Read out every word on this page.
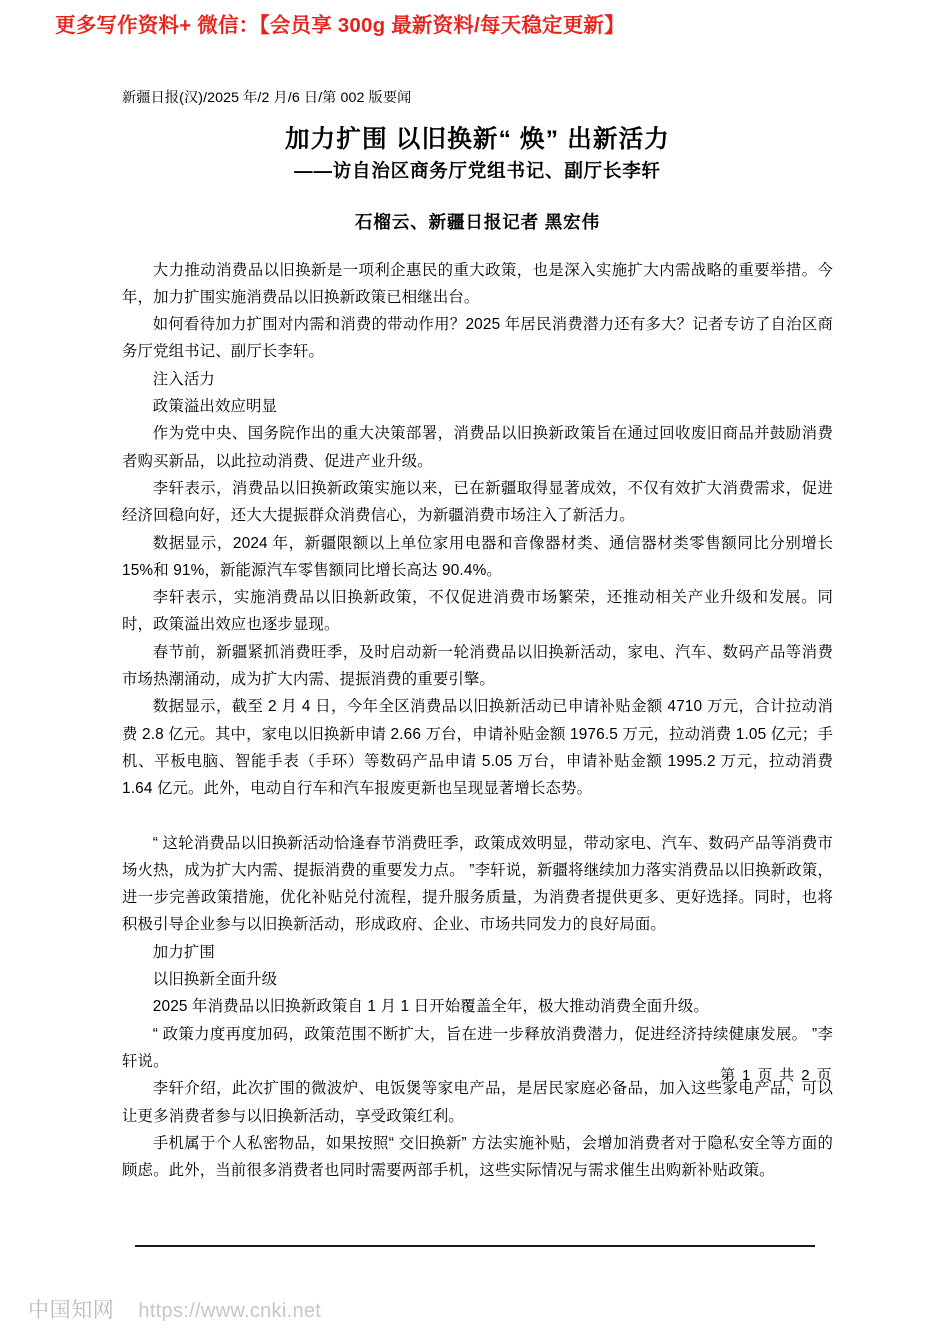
更多写作资料+ 微信：【会员享 300g 最新资料/每天稳定更新】
新疆日报(汉)/2025 年/2 月/6 日/第 002 版要闻
加力扩围 以旧换新“ 焕” 出新活力
——访自治区商务厅党组书记、副厅长李轩
石榴云、新疆日报记者 黑宏伟

大力推动消费品以旧换新是一项利企惠民的重大政策，也是深入实施扩大内需战略的重要举措。今年，加力扩围实施消费品以旧换新政策已相继出台。

如何看待加力扩围对内需和消费的带动作用？2025 年居民消费潜力还有多大？记者专访了自治区商务厅党组书记、副厅长李轩。

注入活力

政策溢出效应明显

作为党中央、国务院作出的重大决策部署，消费品以旧换新政策旨在通过回收废旧商品并鼓励消费者购买新品，以此拉动消费、促进产业升级。

李轩表示，消费品以旧换新政策实施以来，已在新疆取得显著成效，不仅有效扩大消费需求，促进经济回稳向好，还大大提振群众消费信心，为新疆消费市场注入了新活力。

数据显示，2024 年，新疆限额以上单位家用电器和音像器材类、通信器材类零售额同比分别增长 15%和 91%，新能源汽车零售额同比增长高达 90.4%。

李轩表示，实施消费品以旧换新政策，不仅促进消费市场繁荣，还推动相关产业升级和发展。同时，政策溢出效应也逐步显现。

春节前，新疆紧抓消费旺季，及时启动新一轮消费品以旧换新活动，家电、汽车、数码产品等消费市场热潮涌动，成为扩大内需、提振消费的重要引擎。

数据显示，截至 2 月 4 日，今年全区消费品以旧换新活动已申请补贴金额 4710 万元，合计拉动消费 2.8 亿元。其中，家电以旧换新申请 2.66 万台，申请补贴金额 1976.5 万元，拉动消费 1.05 亿元；手机、平板电脑、智能手表（手环）等数码产品申请 5.05 万台，申请补贴金额 1995.2 万元，拉动消费 1.64 亿元。此外，电动自行车和汽车报废更新也呈现显著增长态势。

“ 这轮消费品以旧换新活动恰逢春节消费旺季，政策成效明显，带动家电、汽车、数码产品等消费市场火热，成为扩大内需、提振消费的重要发力点。 ”李轩说，新疆将继续加力落实消费品以旧换新政策，进一步完善政策措施，优化补贴兑付流程，提升服务质量，为消费者提供更多、更好选择。同时，也将积极引导企业参与以旧换新活动，形成政府、企业、市场共同发力的良好局面。

加力扩围

以旧换新全面升级

2025 年消费品以旧换新政策自 1 月 1 日开始覆盖全年，极大推动消费全面升级。

“ 政策力度再度加码，政策范围不断扩大，旨在进一步释放消费潜力，促进经济持续健康发展。 ”李轩说。

李轩介绍，此次扩围的微波炉、电饭煲等家电产品，是居民家庭必备品，加入这些家电产品，可以让更多消费者参与以旧换新活动，享受政策红利。

手机属于个人私密物品，如果按照“ 交旧换新” 方法实施补贴，会增加消费者对于隐私安全等方面的顾虑。此外，当前很多消费者也同时需要两部手机，这些实际情况与需求催生出购新补贴政策。

第 1 页 共 2 页
中国知网 https://www.cnki.net
